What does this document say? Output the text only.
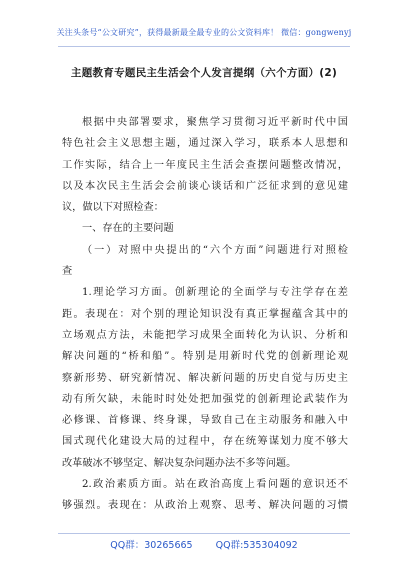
关注头条号“公文研究”，获得最新最全最专业的公文资料库！ 微信：gongwenyj
主题教育专题民主生活会个人发言提纲（六个方面）(2)
根据中央部署要求，聚焦学习贯彻习近平新时代中国
特色社会主义思想主题，通过深入学习，联系本人思想和
工作实际，结合上一年度民主生活会查摆问题整改情况，
以及本次民主生活会会前谈心谈话和广泛征求到的意见建
议，做以下对照检查：
一、存在的主要问题
（一）对照中央提出的“六个方面”问题进行对照检
查
1.理论学习方面。创新理论的全面学与专注学存在差
距。表现在：对个别的理论知识没有真正掌握蕴含其中的
立场观点方法，未能把学习成果全面转化为认识、分析和
解决问题的“桥和船”。特别是用新时代党的创新理论观
察新形势、研究新情况、解决新问题的历史自觉与历史主
动有所欠缺，未能时时处处把加强党的创新理论武装作为
必修课、首修课、终身课，导致自己在主动服务和融入中
国式现代化建设大局的过程中，存在统筹谋划力度不够大
改革破冰不够坚定、解决复杂问题办法不多等问题。
2.政治素质方面。站在政治高度上看问题的意识还不
够强烈。表现在：从政治上观察、思考、解决问题的习惯
QQ群：30265665 QQ群:535304092
